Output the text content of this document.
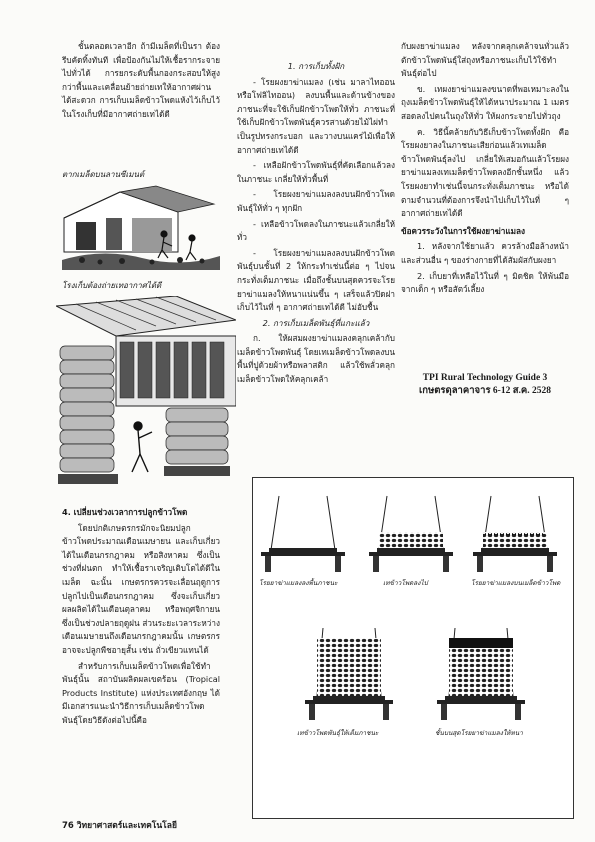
ชั้นตลอดเวลาอีก ถ้ามีเมล็ดที่เป็นรา ต้องรีบคัดทิ้งทันที เพื่อป้องกันไม่ให้เชื้อรากระจายไปทั่วได้ การยกระดับพื้นกองกระสอบให้สูงกว่าพื้นและเคลื่อนย้ายถ่ายเทให้อากาศผ่านได้สะดวก การเก็บเมล็ดข้าวโพดแห้งไว้เก็บไว้ในโรงเก็บที่มีอากาศถ่ายเทได้ดี

ตากเมล็ดบนลานซีเมนต์

โรงเก็บต้องถ่ายเทอากาศได้ดี

4. เปลี่ยนช่วงเวลาการปลูกข้าวโพด

โดยปกติเกษตรกรมักจะนิยมปลูกข้าวโพดประมาณเดือนเมษายน และเก็บเกี่ยวได้ในเดือนกรกฎาคม หรือสิงหาคม ซึ่งเป็นช่วงที่ฝนตก ทำให้เชื้อราเจริญเติบโตได้ดีในเมล็ด ฉะนั้น เกษตรกรควรจะเลื่อนฤดูการปลูกไปเป็นเดือนกรกฎาคม ซึ่งจะเก็บเกี่ยวผลผลิตได้ในเดือนตุลาคม หรือพฤศจิกายน ซึ่งเป็นช่วงปลายฤดูฝน ส่วนระยะเวลาระหว่างเดือนเมษายนถึงเดือนกรกฎาคมนั้น เกษตรกรอาจจะปลูกพืชอายุสั้น เช่น ถั่วเขียวแทนได้

สำหรับการเก็บเมล็ดข้าวโพดเพื่อใช้ทำพันธุ์นั้น สถาบันผลิตผลเขตร้อน (Tropical Products Institute) แห่งประเทศอังกฤษ ได้มีเอกสารแนะนำวิธีการเก็บเมล็ดข้าวโพดพันธุ์โดยวิธีดังต่อไปนี้คือ

1. การเก็บทั้งฝัก

- โรยผงยาฆ่าแมลง (เช่น มาลาไทออน หรือโฟลิไทออน) ลงบนพื้นและด้านข้างของภาชนะที่จะใช้เก็บฝักข้าวโพดให้ทั่ว ภาชนะที่ใช้เก็บฝักข้าวโพดพันธุ์ควรสานด้วยไม้ไผ่ทำเป็นรูปทรงกระบอก และวางบนแคร่ไม้เพื่อให้อากาศถ่ายเทได้ดี

- เหลือฝักข้าวโพดพันธุ์ที่คัดเลือกแล้วลงในภาชนะ เกลี่ยให้ทั่วพื้นที่

- โรยผงยาฆ่าแมลงลงบนฝักข้าวโพดพันธุ์ให้ทั่ว ๆ ทุกฝัก

- เหลือข้าวโพดลงในภาชนะแล้วเกลี่ยให้ทั่ว

- โรยผงยาฆ่าแมลงลงบนฝักข้าวโพดพันธุ์บนชั้นที่ 2 ให้กระทำเช่นนี้ต่อ ๆ ไปจนกระทั่งเต็มภาชนะ เมื่อถึงชั้นบนสุดควรจะโรยยาฆ่าแมลงให้หนาแน่นขึ้น ๆ เสร็จแล้วปิดฝาเก็บไว้ในที่ ๆ อากาศถ่ายเทได้ดี ไม่อับชื้น

2. การเก็บเมล็ดพันธุ์ที่แกะแล้ว

ก. ให้ผสมผงยาฆ่าแมลงคลุกเคล้ากับเมล็ดข้าวโพดพันธุ์ โดยเทเมล็ดข้าวโพดลงบนพื้นที่ปูด้วยผ้าหรือพลาสติก แล้วใช้พลั่วคลุกเมล็ดข้าวโพดให้คลุกเคล้า

กับผงยาฆ่าแมลง หลังจากคลุกเคล้าจนทั่วแล้วตักข้าวโพดพันธุ์ใส่ถุงหรือภาชนะเก็บไว้ใช้ทำพันธุ์ต่อไป

ข. เทผงยาฆ่าแมลงขนาดที่พอเหมาะลงในถุงเมล็ดข้าวโพดพันธุ์ให้ได้หนาประมาณ 1 เมตร สอดลงไปคนในถุงให้ทั่ว ให้ผงกระจายไปทั่วถุง

ค. วิธีนี้คล้ายกับวิธีเก็บข้าวโพดทั้งฝัก คือ โรยผงยาลงในภาชนะเสียก่อนแล้วเทเมล็ดข้าวโพดพันธุ์ลงไป เกลี่ยให้เสมอกันแล้วโรยผงยาฆ่าแมลงเทเมล็ดข้าวโพดลงอีกชั้นหนึ่ง แล้วโรยผงยาทำเช่นนี้จนกระทั่งเต็มภาชนะ หรือได้ตามจำนวนที่ต้องการจึงนำไปเก็บไว้ในที่ ๆ อากาศถ่ายเทได้ดี

ข้อควรระวังในการใช้ผงยาฆ่าแมลง

1. หลังจากใช้ยาแล้ว ควรล้างมือล้างหน้า และส่วนอื่น ๆ ของร่างกายที่ได้สัมผัสกับผงยา

2. เก็บยาที่เหลือไว้ในที่ ๆ มิดชิด ให้พ้นมือจากเด็ก ๆ หรือสัตว์เลี้ยง

TPI Rural Technology Guide 3
เกษตรดุลาคาจาร 6-12 ส.ค. 2528
โรยยาฆ่าแมลงลงพื้นภาชนะ	เทข้าวโพดลงไป	โรยยาฆ่าแมลงบนเมล็ดข้าวโพด
เทข้าวโพดพันธุ์ให้เต็มภาชนะ	ชั้นบนสุดโรยยาฆ่าแมลงให้หนา
76 วิทยาศาสตร์และเทคโนโลยี
